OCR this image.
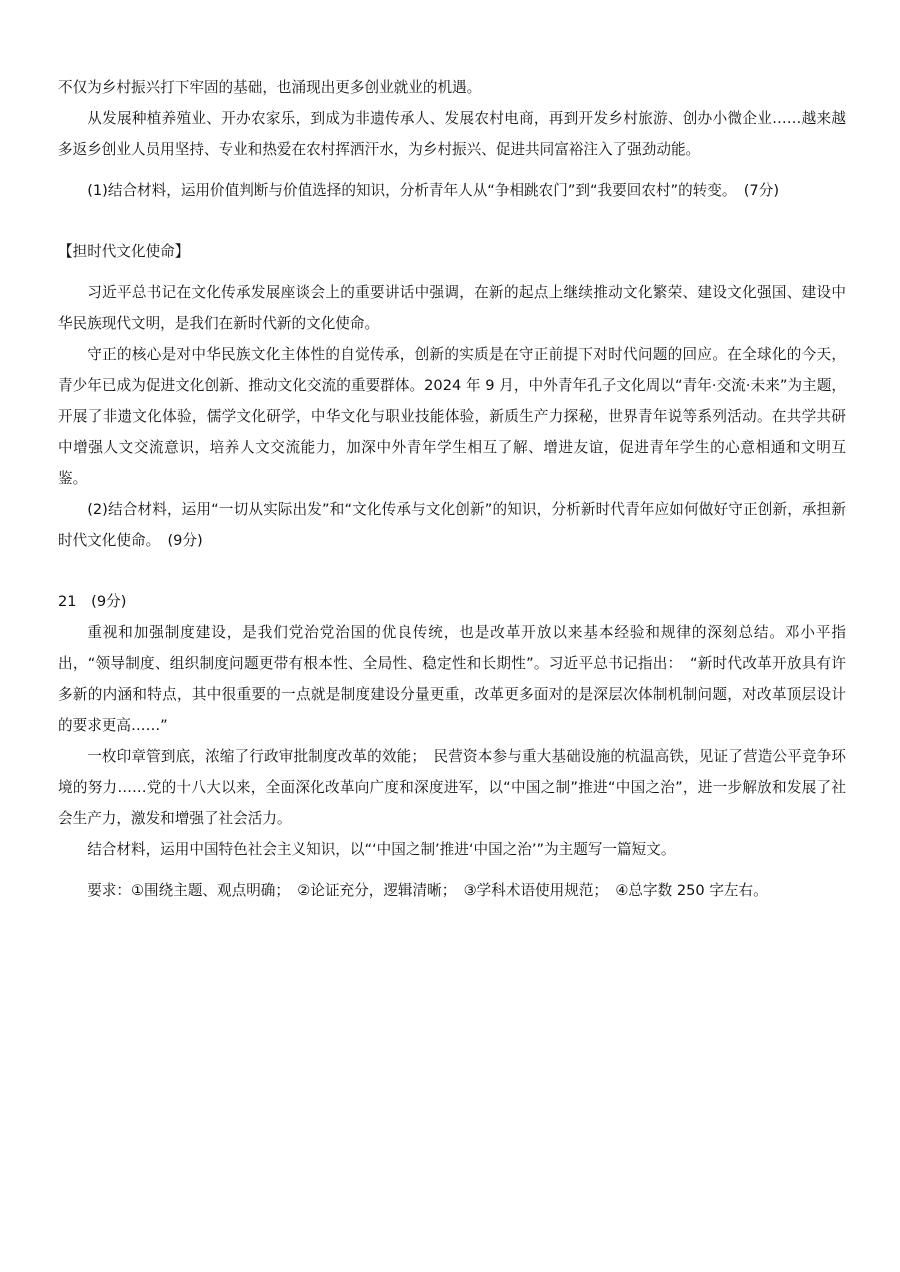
不仅为乡村振兴打下牢固的基础，也涌现出更多创业就业的机遇。

从发展种植养殖业、开办农家乐，到成为非遗传承人、发展农村电商，再到开发乡村旅游、创办小微企业……越来越多返乡创业人员用坚持、专业和热爱在农村挥洒汗水，为乡村振兴、促进共同富裕注入了强劲动能。

(1)结合材料，运用价值判断与价值选择的知识，分析青年人从“争相跳农门”到“我要回农村”的转变。　(7分)

【担时代文化使命】

习近平总书记在文化传承发展座谈会上的重要讲话中强调，在新的起点上继续推动文化繁荣、建设文化强国、建设中华民族现代文明，是我们在新时代新的文化使命。

守正的核心是对中华民族文化主体性的自觉传承，创新的实质是在守正前提下对时代问题的回应。在全球化的今天，青少年已成为促进文化创新、推动文化交流的重要群体。2024 年 9 月，中外青年孔子文化周以“青年·交流·未来”为主题，开展了非遗文化体验，儒学文化研学，中华文化与职业技能体验，新质生产力探秘，世界青年说等系列活动。在共学共研中增强人文交流意识，培养人文交流能力，加深中外青年学生相互了解、增进友谊，促进青年学生的心意相通和文明互鉴。

(2)结合材料，运用“一切从实际出发”和“文化传承与文化创新”的知识，分析新时代青年应如何做好守正创新，承担新时代文化使命。　(9分)

21　(9分)

重视和加强制度建设，是我们党治党治国的优良传统，也是改革开放以来基本经验和规律的深刻总结。邓小平指出，“领导制度、组织制度问题更带有根本性、全局性、稳定性和长期性”。习近平总书记指出：　“新时代改革开放具有许多新的内涵和特点，其中很重要的一点就是制度建设分量更重，改革更多面对的是深层次体制机制问题，对改革顶层设计的要求更高……”

一枚印章管到底，浓缩了行政审批制度改革的效能；　民营资本参与重大基础设施的杭温高铁，见证了营造公平竞争环境的努力……党的十八大以来，全面深化改革向广度和深度进军，以“中国之制”推进“中国之治”，进一步解放和发展了社会生产力，激发和增强了社会活力。

结合材料，运用中国特色社会主义知识，以“‘中国之制’推进‘中国之治’”为主题写一篇短文。

要求：①围绕主题、观点明确；　②论证充分，逻辑清晰；　③学科术语使用规范；　④总字数 250 字左右。
